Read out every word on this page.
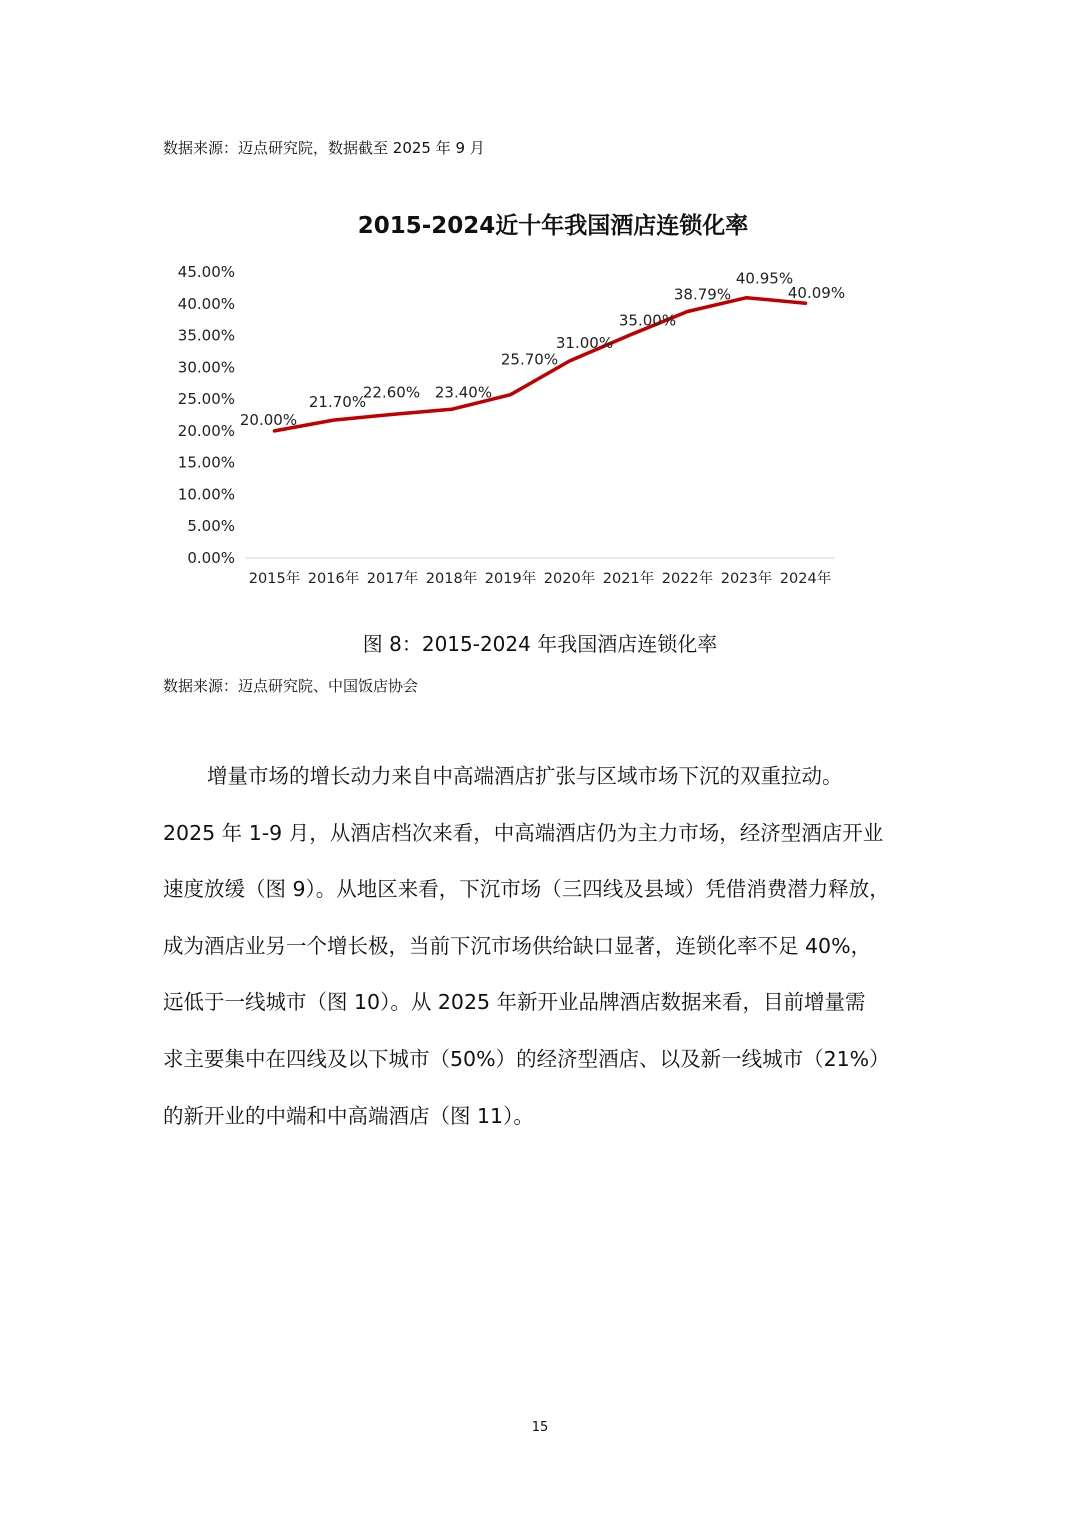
数据来源：迈点研究院，数据截至 2025 年 9 月
2015-2024近十年我国酒店连锁化率
0.00%
5.00%
10.00%
15.00%
20.00%
25.00%
30.00%
35.00%
40.00%
45.00%
2015年 2016年 2017年 2018年 2019年 2020年 2021年 2022年 2023年 2024年
20.00%
21.70%
22.60% 23.40%
25.70%
31.00%
35.00%
38.79%
40.95%
40.09%
图 8：2015-2024 年我国酒店连锁化率
数据来源：迈点研究院、中国饭店协会
增量市场的增长动力来自中高端酒店扩张与区域市场下沉的双重拉动。
2025 年 1-9 月，从酒店档次来看，中高端酒店仍为主力市场，经济型酒店开业
速度放缓（图 9）。从地区来看，下沉市场（三四线及县域）凭借消费潜力释放，
成为酒店业另一个增长极，当前下沉市场供给缺口显著，连锁化率不足 40%，
远低于一线城市（图 10）。从 2025 年新开业品牌酒店数据来看，目前增量需
求主要集中在四线及以下城市（50%）的经济型酒店、以及新一线城市（21%）
的新开业的中端和中高端酒店（图 11）。
15
